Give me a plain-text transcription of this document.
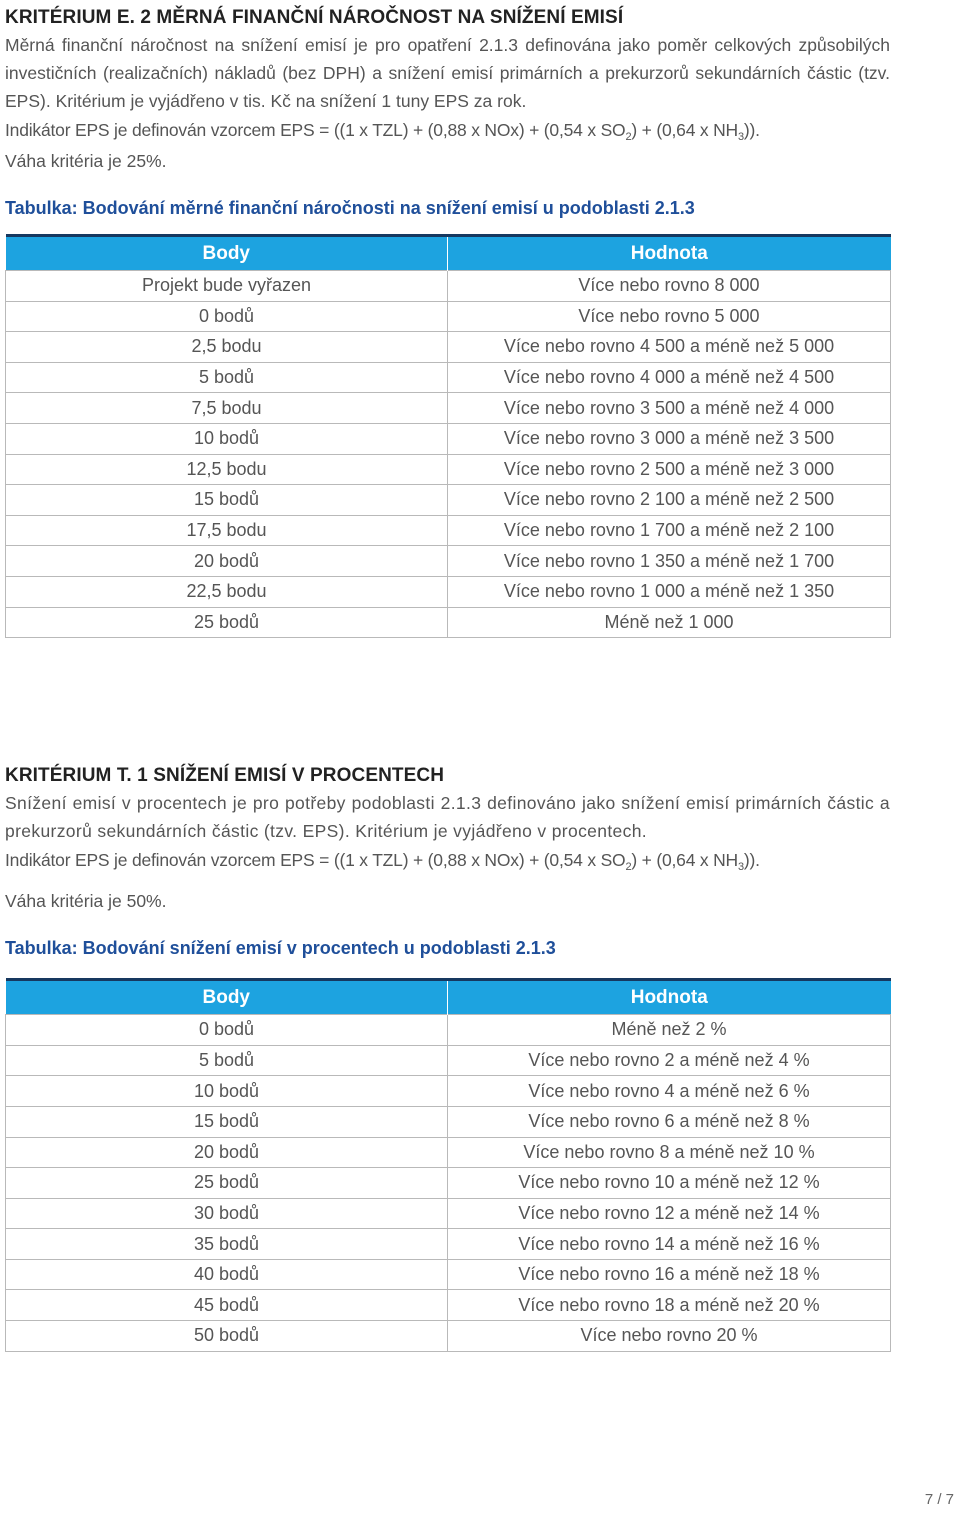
KRITÉRIUM E. 2 MĚRNÁ FINANČNÍ NÁROČNOST NA SNÍŽENÍ EMISÍ

Měrná finanční náročnost na snížení emisí je pro opatření 2.1.3 definována jako poměr celkových způsobilých investičních (realizačních) nákladů (bez DPH) a snížení emisí primárních a prekurzorů sekundárních částic (tzv. EPS). Kritérium je vyjádřeno v tis. Kč na snížení 1 tuny EPS za rok.

Indikátor EPS je definován vzorcem EPS = ((1 x TZL) + (0,88 x NOx) + (0,54 x $SO_2) + (0,64$ x $NH_3$)).

Váha kritéria je 25%.

Tabulka: Bodování měrné finanční náročnosti na snížení emisí u podoblasti 2.1.3

Body	Hodnota
Projekt bude vyřazen	Více nebo rovno 8 000
0 bodů	Více nebo rovno 5 000
2,5 bodu	Více nebo rovno 4 500 a méně než 5 000
5 bodů	Více nebo rovno 4 000 a méně než 4 500
7,5 bodu	Více nebo rovno 3 500 a méně než 4 000
10 bodů	Více nebo rovno 3 000 a méně než 3 500
12,5 bodu	Více nebo rovno 2 500 a méně než 3 000
15 bodů	Více nebo rovno 2 100 a méně než 2 500
17,5 bodu	Více nebo rovno 1 700 a méně než 2 100
20 bodů	Více nebo rovno 1 350 a méně než 1 700
22,5 bodu	Více nebo rovno 1 000 a méně než 1 350
25 bodů	Méně než 1 000
KRITÉRIUM T. 1 SNÍŽENÍ EMISÍ V PROCENTECH

Snížení emisí v procentech je pro potřeby podoblasti 2.1.3 definováno jako snížení emisí primárních částic a prekurzorů sekundárních částic (tzv. EPS). Kritérium je vyjádřeno v procentech.

Indikátor EPS je definován vzorcem EPS = ((1 x TZL) + (0,88 x NOx) + (0,54 x $SO_2) + (0,64$ x $NH_3$)).

Váha kritéria je 50%.

Tabulka: Bodování snížení emisí v procentech u podoblasti 2.1.3

Body	Hodnota
0 bodů	Méně než 2 %
5 bodů	Více nebo rovno 2 a méně než 4 %
10 bodů	Více nebo rovno 4 a méně než 6 %
15 bodů	Více nebo rovno 6 a méně než 8 %
20 bodů	Více nebo rovno 8 a méně než 10 %
25 bodů	Více nebo rovno 10 a méně než 12 %
30 bodů	Více nebo rovno 12 a méně než 14 %
35 bodů	Více nebo rovno 14 a méně než 16 %
40 bodů	Více nebo rovno 16 a méně než 18 %
45 bodů	Více nebo rovno 18 a méně než 20 %
50 bodů	Více nebo rovno 20 %
7 / 7
